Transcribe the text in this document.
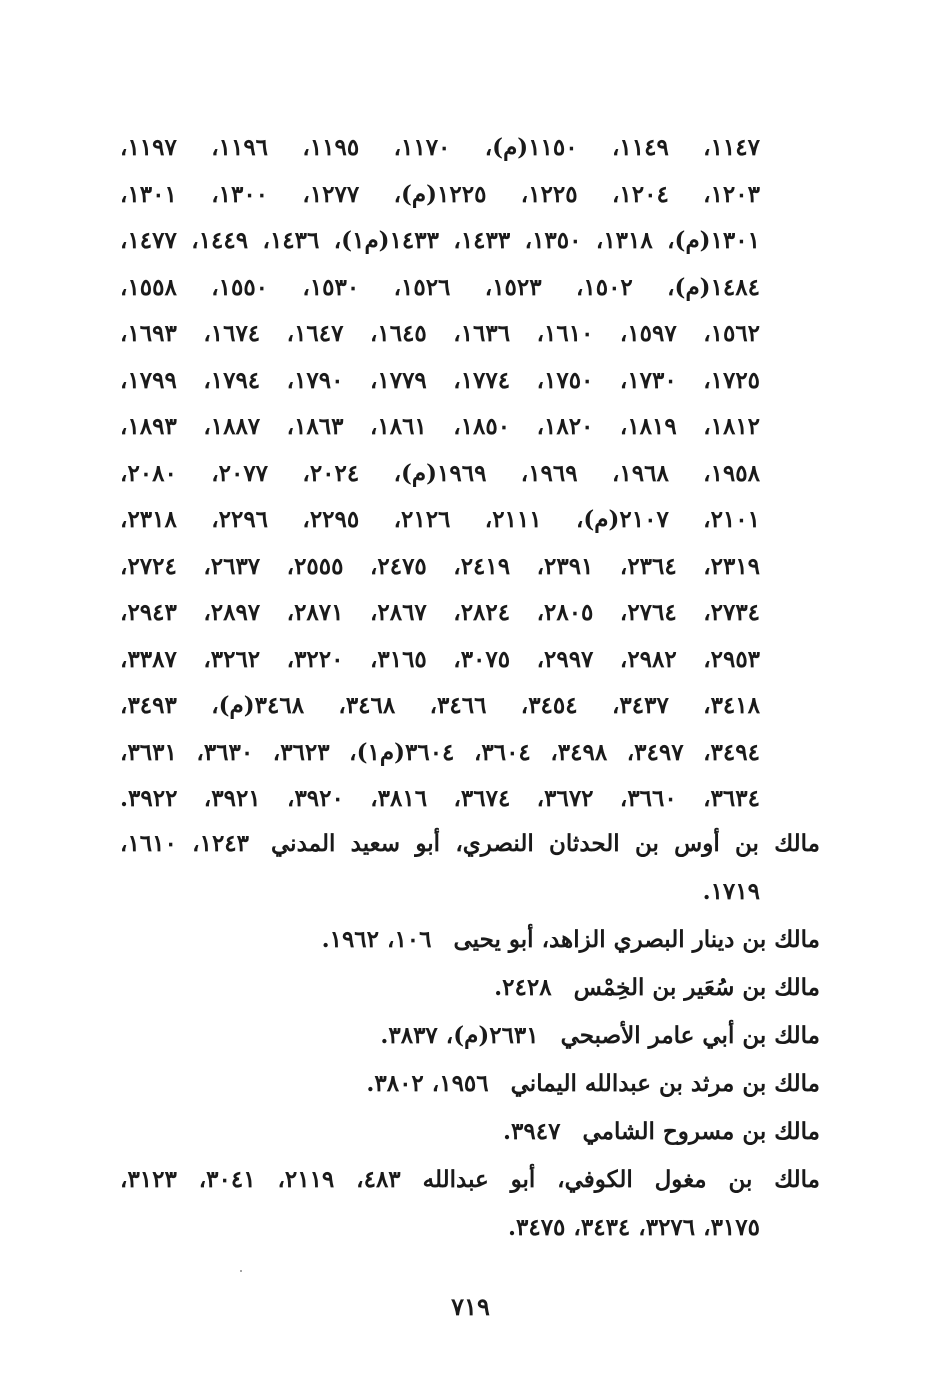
١١٤٧، ١١٤٩، ١١٥٠(م)، ١١٧٠، ١١٩٥، ١١٩٦، ١١٩٧،
١٢٠٣، ١٢٠٤، ١٢٢٥، ١٢٢٥(م)، ١٢٧٧، ١٣٠٠، ١٣٠١،
١٣٠١(م)، ١٣١٨، ١٣٥٠، ١٤٣٣، ١٤٣٣(م١)، ١٤٣٦، ١٤٤٩، ١٤٧٧،
١٤٨٤(م)، ١٥٠٢، ١٥٢٣، ١٥٢٦، ١٥٣٠، ١٥٥٠، ١٥٥٨،
١٥٦٢، ١٥٩٧، ١٦١٠، ١٦٣٦، ١٦٤٥، ١٦٤٧، ١٦٧٤، ١٦٩٣،
١٧٢٥، ١٧٣٠، ١٧٥٠، ١٧٧٤، ١٧٧٩، ١٧٩٠، ١٧٩٤، ١٧٩٩،
١٨١٢، ١٨١٩، ١٨٢٠، ١٨٥٠، ١٨٦١، ١٨٦٣، ١٨٨٧، ١٨٩٣،
١٩٥٨، ١٩٦٨، ١٩٦٩، ١٩٦٩(م)، ٢٠٢٤، ٢٠٧٧، ٢٠٨٠،
٢١٠١، ٢١٠٧(م)، ٢١١١، ٢١٢٦، ٢٢٩٥، ٢٢٩٦، ٢٣١٨،
٢٣١٩، ٢٣٦٤، ٢٣٩١، ٢٤١٩، ٢٤٧٥، ٢٥٥٥، ٢٦٣٧، ٢٧٢٤،
٢٧٣٤، ٢٧٦٤، ٢٨٠٥، ٢٨٢٤، ٢٨٦٧، ٢٨٧١، ٢٨٩٧، ٢٩٤٣،
٢٩٥٣، ٢٩٨٢، ٢٩٩٧، ٣٠٧٥، ٣١٦٥، ٣٢٢٠، ٣٢٦٢، ٣٣٨٧،
٣٤١٨، ٣٤٣٧، ٣٤٥٤، ٣٤٦٦، ٣٤٦٨، ٣٤٦٨(م)، ٣٤٩٣،
٣٤٩٤، ٣٤٩٧، ٣٤٩٨، ٣٦٠٤، ٣٦٠٤(م١)، ٣٦٢٣، ٣٦٣٠، ٣٦٣١،
٣٦٣٤، ٣٦٦٠، ٣٦٧٢، ٣٦٧٤، ٣٨١٦، ٣٩٢٠، ٣٩٢١، ٣٩٢٢.
مالك بن أوس بن الحدثان النصري، أبو سعيد المدني١٢٤٣، ١٦١٠،
١٧١٩.
مالك بن دينار البصري الزاهد، أبو يحيى١٠٦، ١٩٦٢.
مالك بن سُعَير بن الخِمْس٢٤٢٨.
مالك بن أبي عامر الأصبحي٢٦٣١(م)، ٣٨٣٧.
مالك بن مرثد بن عبدالله اليماني١٩٥٦، ٣٨٠٢.
مالك بن مسروح الشامي٣٩٤٧.
مالك بن مغول الكوفي، أبو عبدالله٤٨٣، ٢١١٩، ٣٠٤١، ٣١٢٣،
٣١٧٥، ٣٢٧٦، ٣٤٣٤، ٣٤٧٥.
٧١٩
